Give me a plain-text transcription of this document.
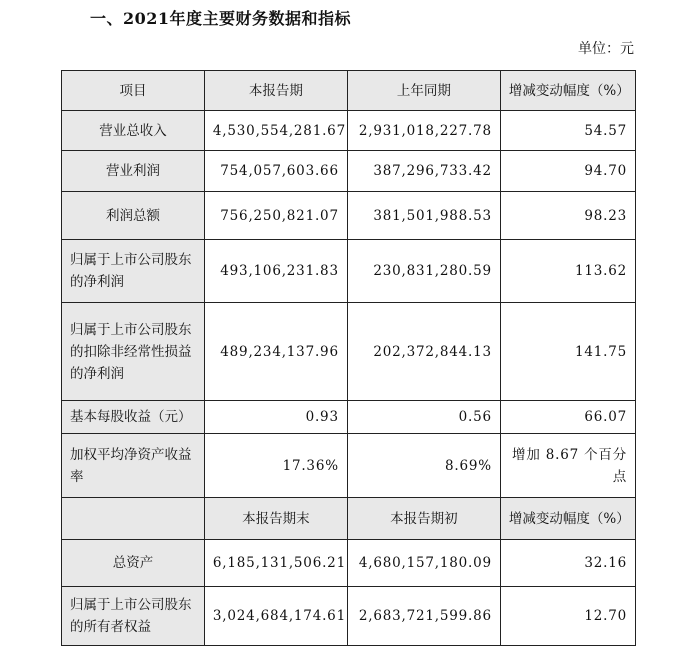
一、2021年度主要财务数据和指标
单位：元
项目	本报告期	上年同期	增减变动幅度（%）
营业总收入	4,530,554,281.67	2,931,018,227.78	54.57
营业利润	754,057,603.66	387,296,733.42	94.70
利润总额	756,250,821.07	381,501,988.53	98.23
归属于上市公司股东的净利润	493,106,231.83	230,831,280.59	113.62
归属于上市公司股东的扣除非经常性损益的净利润	489,234,137.96	202,372,844.13	141.75
基本每股收益（元）	0.93	0.56	66.07
加权平均净资产收益率	17.36%	8.69%	增加 8.67 个百分点
	本报告期末	本报告期初	增减变动幅度（%）
总资产	6,185,131,506.21	4,680,157,180.09	32.16
归属于上市公司股东的所有者权益	3,024,684,174.61	2,683,721,599.86	12.70
